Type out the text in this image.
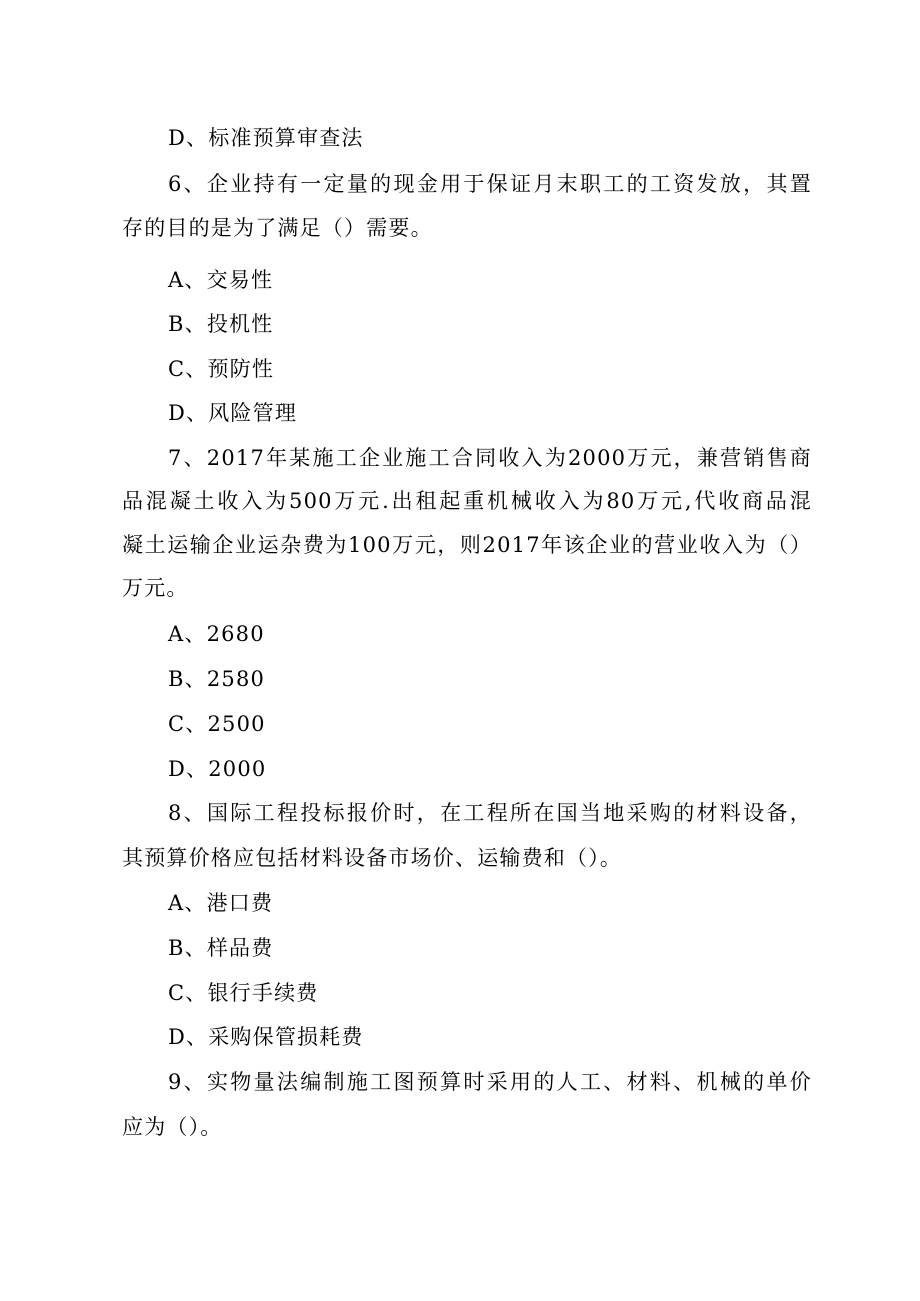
D、标准预算审查法
6、企业持有一定量的现金用于保证月末职工的工资发放，其置
存的目的是为了满足（）需要。
A、交易性
B、投机性
C、预防性
D、风险管理
7、2017年某施工企业施工合同收入为2000万元，兼营销售商
品混凝土收入为500万元.出租起重机械收入为80万元,代收商品混
凝土运输企业运杂费为100万元，则2017年该企业的营业收入为（）
万元。
A、2680
B、2580
C、2500
D、2000
8、国际工程投标报价时，在工程所在国当地采购的材料设备，
其预算价格应包括材料设备市场价、运输费和（）。
A、港口费
B、样品费
C、银行手续费
D、采购保管损耗费
9、实物量法编制施工图预算时采用的人工、材料、机械的单价
应为（）。
